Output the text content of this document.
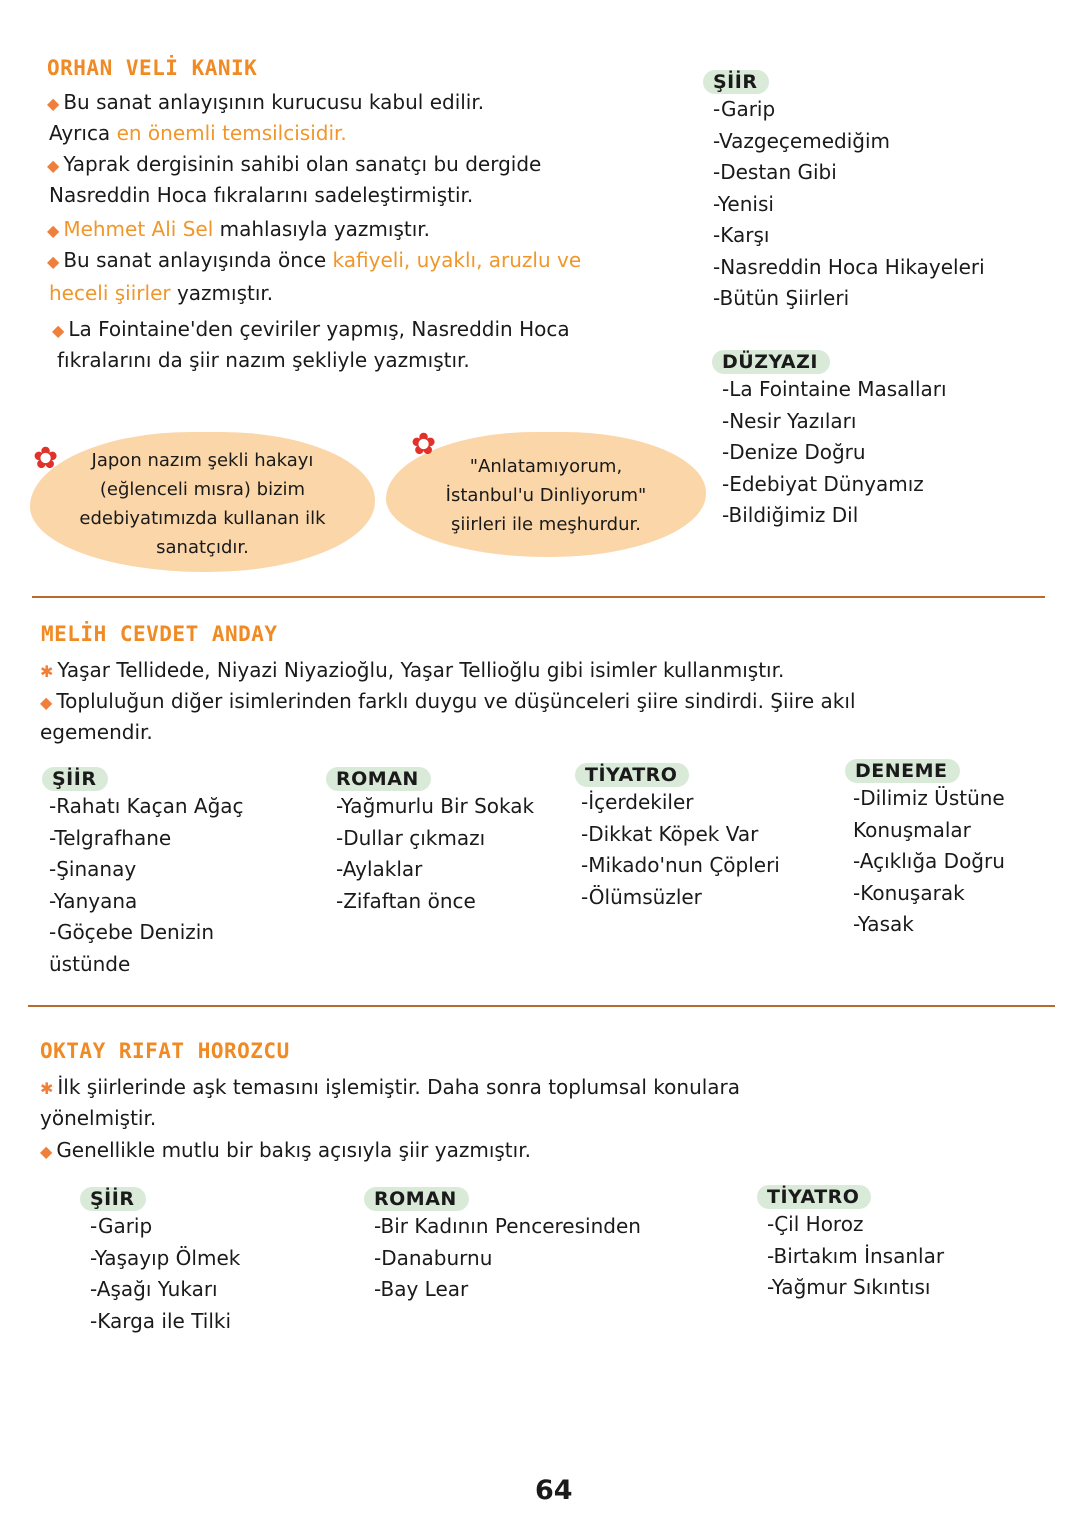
ORHAN VELİ KANIK
◆ Bu sanat anlayışının kurucusu kabul edilir.
Ayrıca en önemli temsilcisidir.
◆ Yaprak dergisinin sahibi olan sanatçı bu dergide
Nasreddin Hoca fıkralarını sadeleştirmiştir.
◆ Mehmet Ali Sel mahlasıyla yazmıştır.
◆ Bu sanat anlayışında önce kafiyeli, uyaklı, aruzlu ve
heceli şiirler yazmıştır.
◆ La Fointaine'den çeviriler yapmış, Nasreddin Hoca
fıkralarını da şiir nazım şekliyle yazmıştır.
Japon nazım şekli hakayı
(eğlenceli mısra) bizim
edebiyatımızda kullanan ilk
sanatçıdır.
✿	"Anlatamıyorum,
İstanbul'u Dinliyorum"
şiirleri ile meşhurdur.
✿
ŞİİR
-Garip
-Vazgeçemediğim
-Destan Gibi
-Yenisi
-Karşı
-Nasreddin Hoca Hikayeleri
-Bütün Şiirleri
DÜZYAZI
-La Fointaine Masalları
-Nesir Yazıları
-Denize Doğru
-Edebiyat Dünyamız
-Bildiğimiz Dil
MELİH CEVDET ANDAY
✱ Yaşar Tellidede, Niyazi Niyazioğlu, Yaşar Tellioğlu gibi isimler kullanmıştır.
◆ Topluluğun diğer isimlerinden farklı duygu ve düşünceleri şiire sindirdi. Şiire akıl
egemendir.
ŞİİR
-Rahatı Kaçan Ağaç
-Telgrafhane
-Şinanay
-Yanyana
-Göçebe Denizin
üstünde
ROMAN
-Yağmurlu Bir Sokak
-Dullar çıkmazı
-Aylaklar
-Zifaftan önce
TİYATRO
-İçerdekiler
-Dikkat Köpek Var
-Mikado'nun Çöpleri
-Ölümsüzler
DENEME
-Dilimiz Üstüne
Konuşmalar
-Açıklığa Doğru
-Konuşarak
-Yasak
OKTAY RIFAT HOROZCU
✱ İlk şiirlerinde aşk temasını işlemiştir. Daha sonra toplumsal konulara
yönelmiştir.
◆ Genellikle mutlu bir bakış açısıyla şiir yazmıştır.
ŞİİR
-Garip
-Yaşayıp Ölmek
-Aşağı Yukarı
-Karga ile Tilki
ROMAN
-Bir Kadının Penceresinden
-Danaburnu
-Bay Lear
TİYATRO
-Çil Horoz
-Birtakım İnsanlar
-Yağmur Sıkıntısı
64
